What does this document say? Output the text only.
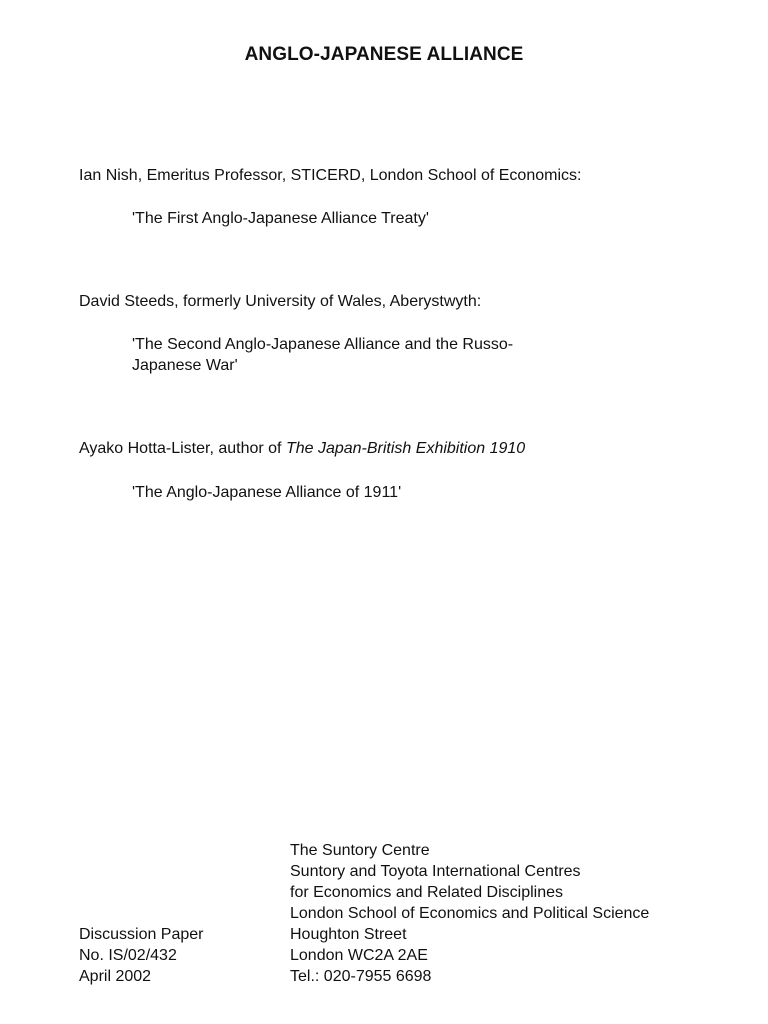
ANGLO-JAPANESE ALLIANCE
Ian Nish, Emeritus Professor, STICERD, London School of Economics:
'The First Anglo-Japanese Alliance Treaty'
David Steeds, formerly University of Wales, Aberystwyth:
'The Second Anglo-Japanese Alliance and the Russo-
Japanese War'
Ayako Hotta-Lister, author of The Japan-British Exhibition 1910
'The Anglo-Japanese Alliance of 1911'
Discussion Paper
No. IS/02/432
April 2002
The Suntory Centre
Suntory and Toyota International Centres
for Economics and Related Disciplines
London School of Economics and Political Science
Houghton Street
London WC2A 2AE
Tel.: 020-7955 6698
